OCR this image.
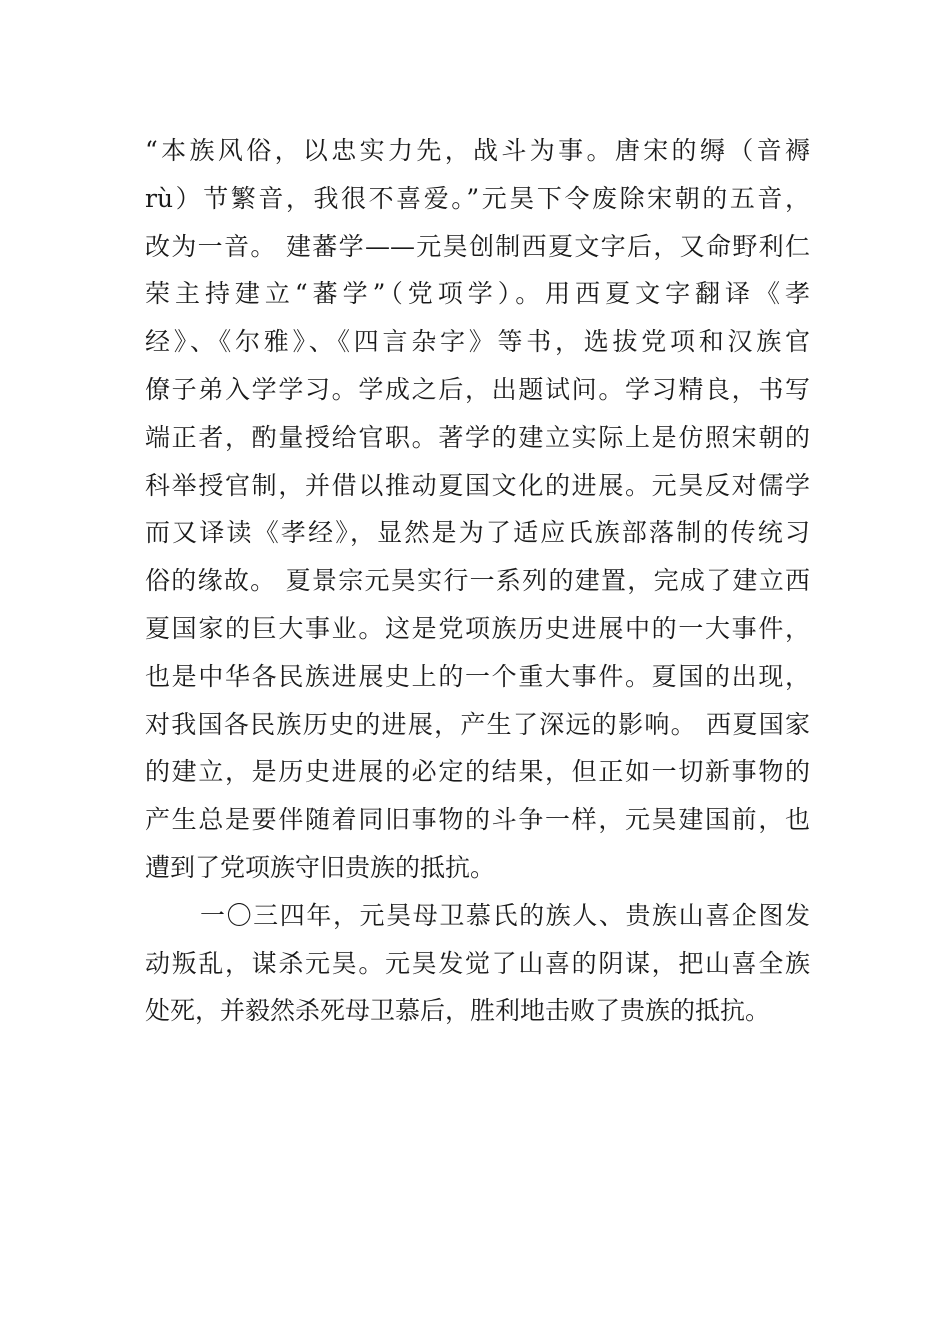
“本族风俗，以忠实力先，战斗为事。唐宋的缛（音褥
rù）节繁音，我很不喜爱。”元昊下令废除宋朝的五音，
改为一音。 建蕃学——元昊创制西夏文字后，又命野利仁
荣主持建立“蕃学”（党项学）。用西夏文字翻译《孝
经》、《尔雅》、《四言杂字》等书，选拔党项和汉族官
僚子弟入学学习。学成之后，出题试问。学习精良，书写
端正者，酌量授给官职。著学的建立实际上是仿照宋朝的
科举授官制，并借以推动夏国文化的进展。元昊反对儒学
而又译读《孝经》，显然是为了适应氏族部落制的传统习
俗的缘故。 夏景宗元昊实行一系列的建置，完成了建立西
夏国家的巨大事业。这是党项族历史进展中的一大事件，
也是中华各民族进展史上的一个重大事件。夏国的出现，
对我国各民族历史的进展，产生了深远的影响。 西夏国家
的建立，是历史进展的必定的结果，但正如一切新事物的
产生总是要伴随着同旧事物的斗争一样，元昊建国前，也
遭到了党项族守旧贵族的抵抗。
一〇三四年，元昊母卫慕氏的族人、贵族山喜企图发
动叛乱，谋杀元昊。元昊发觉了山喜的阴谋，把山喜全族
处死，并毅然杀死母卫慕后，胜利地击败了贵族的抵抗。
